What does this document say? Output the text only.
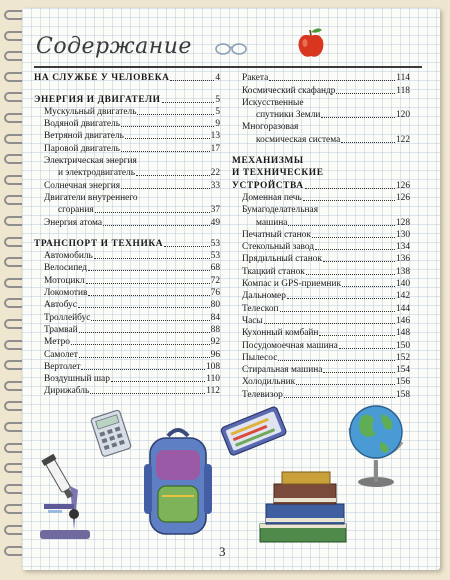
Содержание
НА СЛУЖБЕ У ЧЕЛОВЕКА	4
ЭНЕРГИЯ И ДВИГАТЕЛИ	5
Мускульный двигатель	5
Водяной двигатель	9
Ветряной двигатель	13
Паровой двигатель	17
Электрическая энергия
и электродвигатель	22
Солнечная энергия	33
Двигатели внутреннего
сгорания	37
Энергия атома	49
ТРАНСПОРТ И ТЕХНИКА	53
Автомобиль	53
Велосипед	68
Мотоцикл	72
Локомотив	76
Автобус	80
Троллейбус	84
Трамвай	88
Метро	92
Самолет	96
Вертолет	108
Воздушный шар	110
Дирижабль	112
Ракета	114
Космический скафандр	118
Искусственные
спутники Земли	120
Многоразовая
космическая система	122
МЕХАНИЗМЫ
И ТЕХНИЧЕСКИЕ
УСТРОЙСТВА	126
Доменная печь	126
Бумагоделательная
машина	128
Печатный станок	130
Стекольный завод	134
Прядильный станок	136
Ткацкий станок	138
Компас и GPS-приемник	140
Дальномер	142
Телескоп	144
Часы	146
Кухонный комбайн	148
Посудомоечная машина	150
Пылесос	152
Стиральная машина	154
Холодильник	156
Телевизор	158
3
